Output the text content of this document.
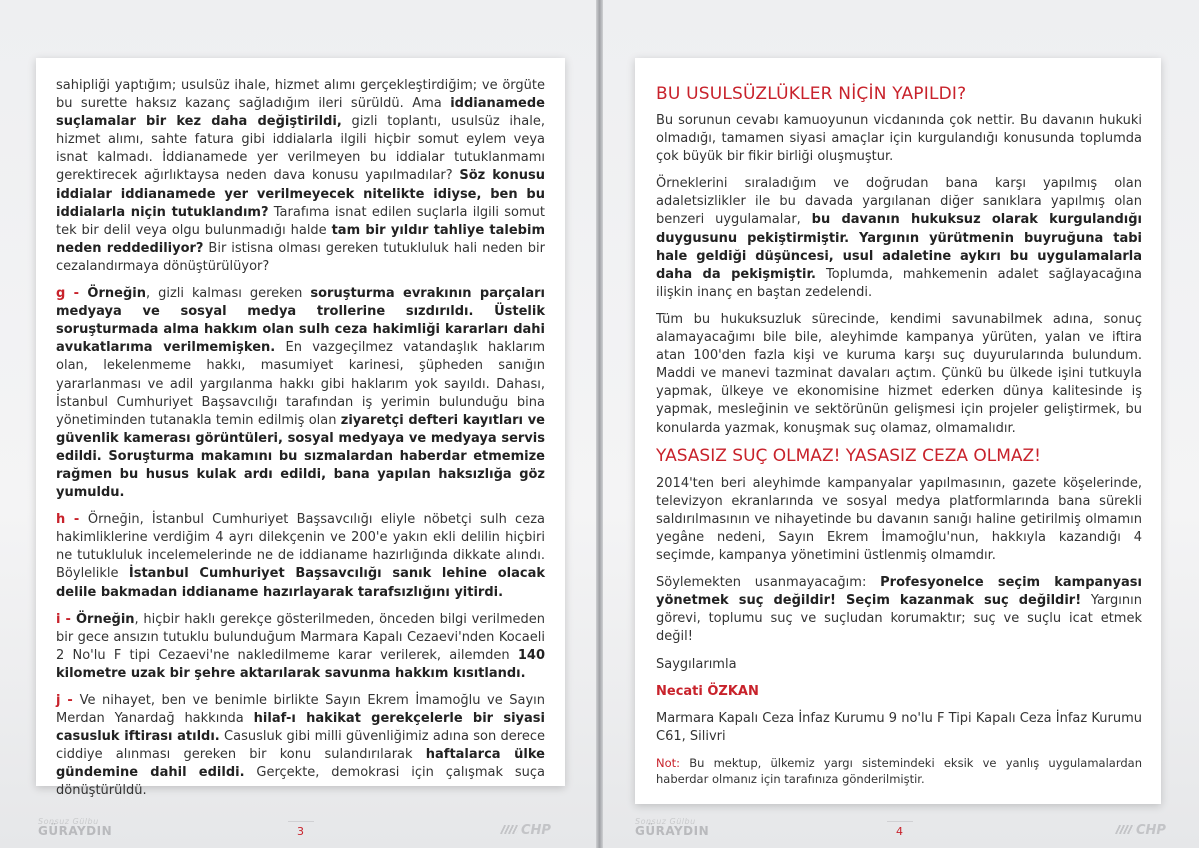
sahipliği yaptığım; usulsüz ihale, hizmet alımı gerçekleştirdiğim; ve örgüte bu surette haksız kazanç sağladığım ileri sürüldü. Ama iddianamede suçlamalar bir kez daha değiştirildi, gizli toplantı, usulsüz ihale, hizmet alımı, sahte fatura gibi iddialarla ilgili hiçbir somut eylem veya isnat kalmadı. İddianamede yer verilmeyen bu iddialar tutuklanmamı gerektirecek ağırlıktaysa neden dava konusu yapılmadılar? Söz konusu iddialar iddianamede yer verilmeyecek nitelikte idiyse, ben bu iddialarla niçin tutuklandım? Tarafıma isnat edilen suçlarla ilgili somut tek bir delil veya olgu bulunmadığı halde tam bir yıldır tahliye talebim neden reddediliyor? Bir istisna olması gereken tutukluluk hali neden bir cezalandırmaya dönüştürülüyor?

g - Örneğin, gizli kalması gereken soruşturma evrakının parçaları medyaya ve sosyal medya trollerine sızdırıldı. Üstelik soruşturmada alma hakkım olan sulh ceza hakimliği kararları dahi avukatlarıma verilmemişken. En vazgeçilmez vatandaşlık haklarım olan, lekelenmeme hakkı, masumiyet karinesi, şüpheden sanığın yararlanması ve adil yargılanma hakkı gibi haklarım yok sayıldı. Dahası, İstanbul Cumhuriyet Başsavcılığı tarafından iş yerimin bulunduğu bina yönetiminden tutanakla temin edilmiş olan ziyaretçi defteri kayıtları ve güvenlik kamerası görüntüleri, sosyal medyaya ve medyaya servis edildi. Soruşturma makamını bu sızmalardan haberdar etmemize rağmen bu husus kulak ardı edildi, bana yapılan haksızlığa göz yumuldu.

h - Örneğin, İstanbul Cumhuriyet Başsavcılığı eliyle nöbetçi sulh ceza hakimliklerine verdiğim 4 ayrı dilekçenin ve 200'e yakın ekli delilin hiçbiri ne tutukluluk incelemelerinde ne de iddianame hazırlığında dikkate alındı. Böylelikle İstanbul Cumhuriyet Başsavcılığı sanık lehine olacak delile bakmadan iddianame hazırlayarak tarafsızlığını yitirdi.

i - Örneğin, hiçbir haklı gerekçe gösterilmeden, önceden bilgi verilmeden bir gece ansızın tutuklu bulunduğum Marmara Kapalı Cezaevi'nden Kocaeli 2 No'lu F tipi Cezaevi'ne nakledilmeme karar verilerek, ailemden 140 kilometre uzak bir şehre aktarılarak savunma hakkım kısıtlandı.

j - Ve nihayet, ben ve benimle birlikte Sayın Ekrem İmamoğlu ve Sayın Merdan Yanardağ hakkında hilaf-ı hakikat gerekçelerle bir siyasi casusluk iftirası atıldı. Casusluk gibi milli güvenliğimiz adına son derece ciddiye alınması gereken bir konu sulandırılarak haftalarca ülke gündemine dahil edildi. Gerçekte, demokrasi için çalışmak suça dönüştürüldü.

Sonsuz Gülbu
GÜRAYDIN	3	CHP
BU USULSÜZLÜKLER NİÇİN YAPILDI?

Bu sorunun cevabı kamuoyunun vicdanında çok nettir. Bu davanın hukuki olmadığı, tamamen siyasi amaçlar için kurgulandığı konusunda toplumda çok büyük bir fikir birliği oluşmuştur.

Örneklerini sıraladığım ve doğrudan bana karşı yapılmış olan adaletsizlikler ile bu davada yargılanan diğer sanıklara yapılmış olan benzeri uygulamalar, bu davanın hukuksuz olarak kurgulandığı duygusunu pekiştirmiştir. Yargının yürütmenin buyruğuna tabi hale geldiği düşüncesi, usul adaletine aykırı bu uygulamalarla daha da pekişmiştir. Toplumda, mahkemenin adalet sağlayacağına ilişkin inanç en baştan zedelendi.

Tüm bu hukuksuzluk sürecinde, kendimi savunabilmek adına, sonuç alamayacağımı bile bile, aleyhimde kampanya yürüten, yalan ve iftira atan 100'den fazla kişi ve kuruma karşı suç duyurularında bulundum. Maddi ve manevi tazminat davaları açtım. Çünkü bu ülkede işini tutkuyla yapmak, ülkeye ve ekonomisine hizmet ederken dünya kalitesinde iş yapmak, mesleğinin ve sektörünün gelişmesi için projeler geliştirmek, bu konularda yazmak, konuşmak suç olamaz, olmamalıdır.

YASASIZ SUÇ OLMAZ! YASASIZ CEZA OLMAZ!

2014'ten beri aleyhimde kampanyalar yapılmasının, gazete köşelerinde, televizyon ekranlarında ve sosyal medya platformlarında bana sürekli saldırılmasının ve nihayetinde bu davanın sanığı haline getirilmiş olmamın yegâne nedeni, Sayın Ekrem İmamoğlu'nun, hakkıyla kazandığı 4 seçimde, kampanya yönetimini üstlenmiş olmamdır.

Söylemekten usanmayacağım: Profesyonelce seçim kampanyası yönetmek suç değildir! Seçim kazanmak suç değildir! Yargının görevi, toplumu suç ve suçludan korumaktır; suç ve suçlu icat etmek değil!

Saygılarımla

Necati ÖZKAN

Marmara Kapalı Ceza İnfaz Kurumu 9 no'lu F Tipi Kapalı Ceza İnfaz Kurumu C61, Silivri

Not: Bu mektup, ülkemiz yargı sistemindeki eksik ve yanlış uygulamalardan haberdar olmanız için tarafınıza gönderilmiştir.

Sonsuz Gülbu
GÜRAYDIN	4	CHP
